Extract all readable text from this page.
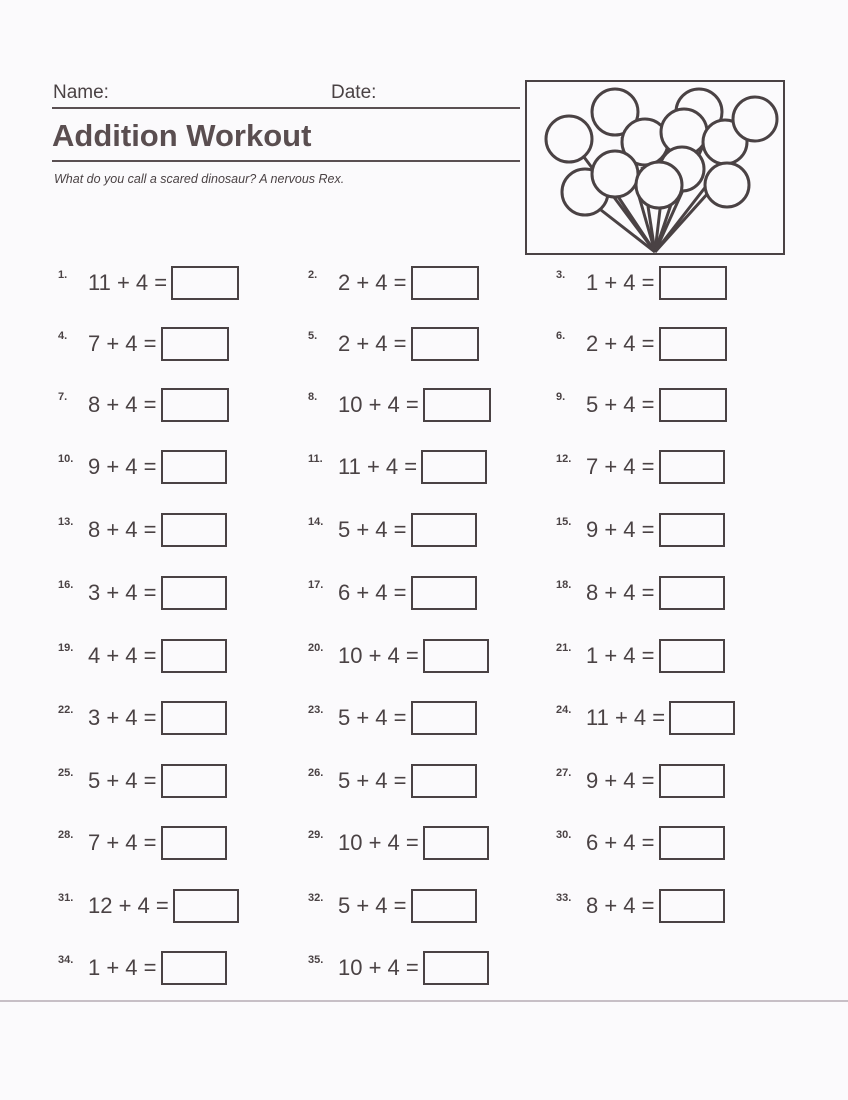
Name:	Date:
Addition Workout
What do you call a scared dinosaur? A nervous Rex.
1. 11 + 4 =	2. 2 + 4 =	3. 1 + 4 =
4. 7 + 4 =	5. 2 + 4 =	6. 2 + 4 =
7. 8 + 4 =	8. 10 + 4 =	9. 5 + 4 =
10. 9 + 4 =	11. 11 + 4 =	12. 7 + 4 =
13. 8 + 4 =	14. 5 + 4 =	15. 9 + 4 =
16. 3 + 4 =	17. 6 + 4 =	18. 8 + 4 =
19. 4 + 4 =	20. 10 + 4 =	21. 1 + 4 =
22. 3 + 4 =	23. 5 + 4 =	24. 11 + 4 =
25. 5 + 4 =	26. 5 + 4 =	27. 9 + 4 =
28. 7 + 4 =	29. 10 + 4 =	30. 6 + 4 =
31. 12 + 4 =	32. 5 + 4 =	33. 8 + 4 =
34. 1 + 4 =	35. 10 + 4 =
